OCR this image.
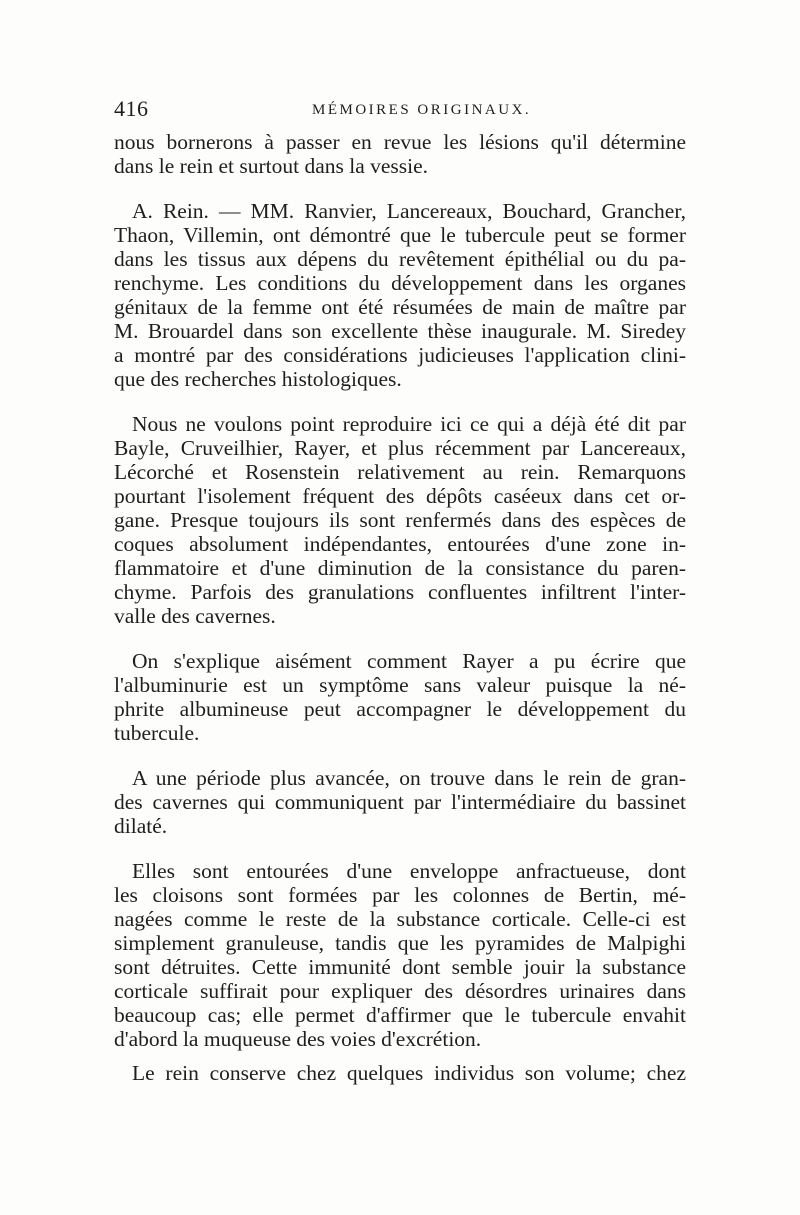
416	MÉMOIRES ORIGINAUX.
nous bornerons à passer en revue les lésions qu'il détermine
dans le rein et surtout dans la vessie.
A. Rein. — MM. Ranvier, Lancereaux, Bouchard, Grancher,
Thaon, Villemin, ont démontré que le tubercule peut se former
dans les tissus aux dépens du revêtement épithélial ou du pa-
renchyme. Les conditions du développement dans les organes
génitaux de la femme ont été résumées de main de maître par
M. Brouardel dans son excellente thèse inaugurale. M. Siredey
a montré par des considérations judicieuses l'application clini-
que des recherches histologiques.
Nous ne voulons point reproduire ici ce qui a déjà été dit par
Bayle, Cruveilhier, Rayer, et plus récemment par Lancereaux,
Lécorché et Rosenstein relativement au rein. Remarquons
pourtant l'isolement fréquent des dépôts caséeux dans cet or-
gane. Presque toujours ils sont renfermés dans des espèces de
coques absolument indépendantes, entourées d'une zone in-
flammatoire et d'une diminution de la consistance du paren-
chyme. Parfois des granulations confluentes infiltrent l'inter-
valle des cavernes.
On s'explique aisément comment Rayer a pu écrire que
l'albuminurie est un symptôme sans valeur puisque la né-
phrite albumineuse peut accompagner le développement du
tubercule.
A une période plus avancée, on trouve dans le rein de gran-
des cavernes qui communiquent par l'intermédiaire du bassinet
dilaté.
Elles sont entourées d'une enveloppe anfractueuse, dont
les cloisons sont formées par les colonnes de Bertin, mé-
nagées comme le reste de la substance corticale. Celle-ci est
simplement granuleuse, tandis que les pyramides de Malpighi
sont détruites. Cette immunité dont semble jouir la substance
corticale suffirait pour expliquer des désordres urinaires dans
beaucoup cas; elle permet d'affirmer que le tubercule envahit
d'abord la muqueuse des voies d'excrétion.
Le rein conserve chez quelques individus son volume; chez
